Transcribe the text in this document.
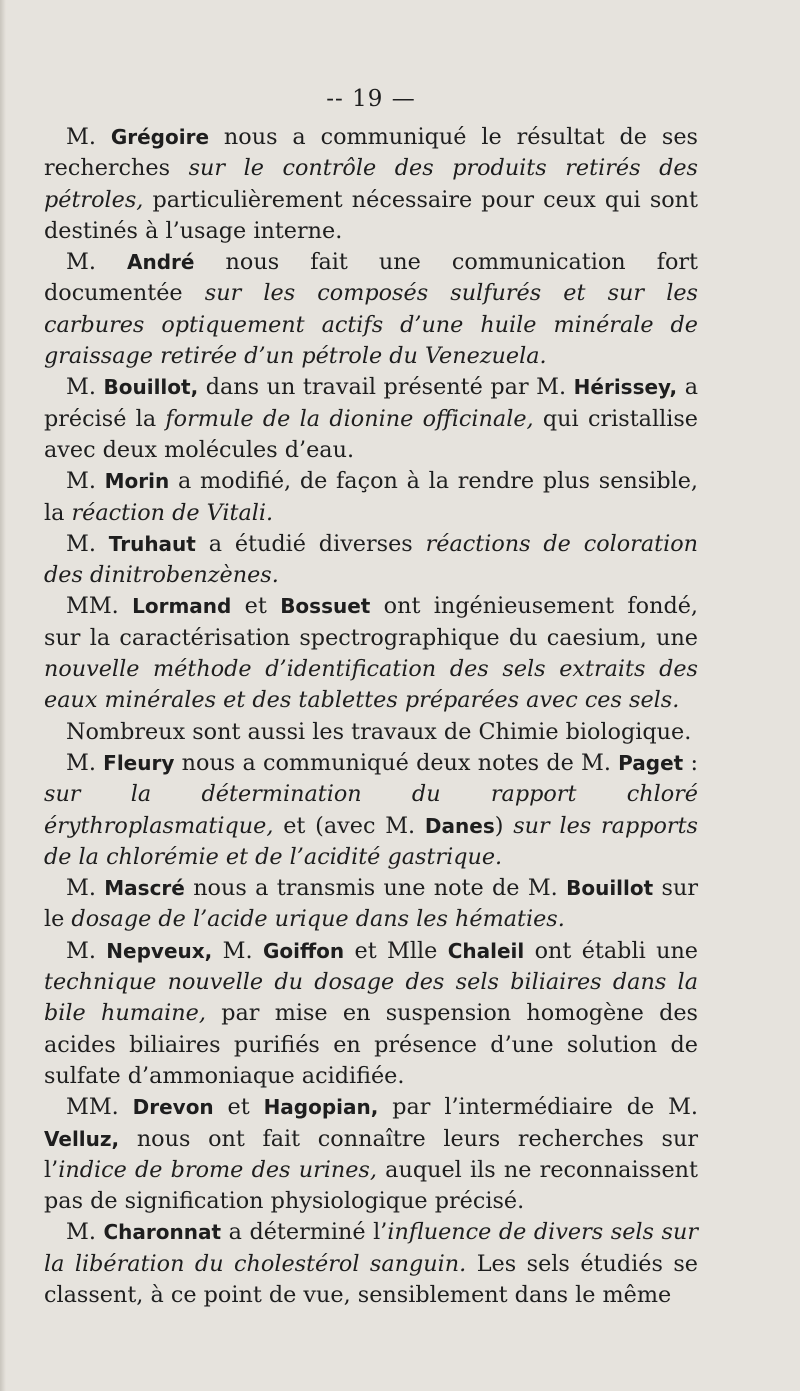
-- 19 —

M. Grégoire nous a communiqué le résultat de ses recherches sur le contrôle des produits retirés des pétroles, particulièrement nécessaire pour ceux qui sont destinés à l’usage interne.

M. André nous fait une communication fort documentée sur les composés sulfurés et sur les carbures optiquement actifs d’une huile minérale de graissage retirée d’un pétrole du Venezuela.

M. Bouillot, dans un travail présenté par M. Hérissey, a précisé la formule de la dionine officinale, qui cristallise avec deux molécules d’eau.

M. Morin a modifié, de façon à la rendre plus sensible, la réaction de Vitali.

M. Truhaut a étudié diverses réactions de coloration des dinitrobenzènes.

MM. Lormand et Bossuet ont ingénieusement fondé, sur la caractérisation spectrographique du caesium, une nouvelle méthode d’identification des sels extraits des eaux minérales et des tablettes préparées avec ces sels.

Nombreux sont aussi les travaux de Chimie biologique.

M. Fleury nous a communiqué deux notes de M. Paget : sur la détermination du rapport chloré érythroplasmatique, et (avec M. Danes) sur les rapports de la chlorémie et de l’acidité gastrique.

M. Mascré nous a transmis une note de M. Bouillot sur le dosage de l’acide urique dans les hématies.

M. Nepveux, M. Goiffon et Mlle Chaleil ont établi une technique nouvelle du dosage des sels biliaires dans la bile humaine, par mise en suspension homogène des acides biliaires purifiés en présence d’une solution de sulfate d’ammoniaque acidifiée.

MM. Drevon et Hagopian, par l’intermédiaire de M. Velluz, nous ont fait connaître leurs recherches sur l’indice de brome des urines, auquel ils ne reconnaissent pas de signification physiologique précisé.

M. Charonnat a déterminé l’influence de divers sels sur la libération du cholestérol sanguin. Les sels étudiés se classent, à ce point de vue, sensiblement dans le même
